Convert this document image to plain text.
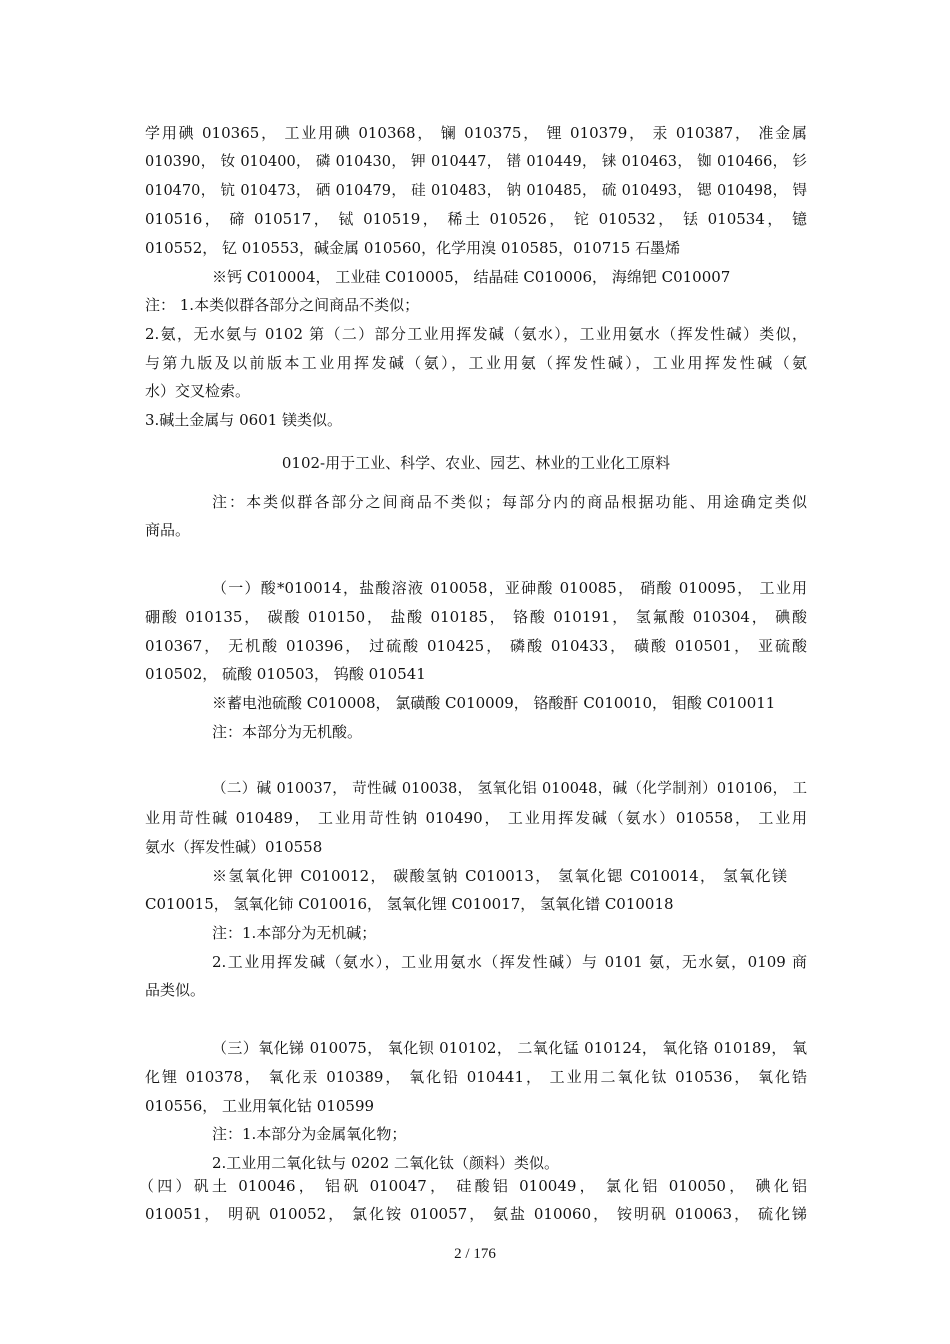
学用碘 010365， 工业用碘 010368， 镧 010375， 锂 010379， 汞 010387， 准金属
010390， 钕 010400， 磷 010430， 钾 010447， 镨 010449， 铼 010463， 铷 010466， 钐
010470， 钪 010473， 硒 010479， 硅 010483， 钠 010485， 硫 010493， 锶 010498， 锝
010516， 碲 010517， 铽 010519， 稀土 010526， 铊 010532， 铥 010534， 镱
010552， 钇 010553，碱金属 010560，化学用溴 010585，010715 石墨烯
※钙 C010004， 工业硅 C010005， 结晶硅 C010006， 海绵钯 C010007
注： 1.本类似群各部分之间商品不类似；
2.氨，无水氨与 0102 第（二）部分工业用挥发碱（氨水），工业用氨水（挥发性碱）类似，
与第九版及以前版本工业用挥发碱（氨），工业用氨（挥发性碱），工业用挥发性碱（氨
水）交叉检索。
3.碱土金属与 0601 镁类似。
0102-用于工业、科学、农业、园艺、林业的工业化工原料
注：本类似群各部分之间商品不类似；每部分内的商品根据功能、用途确定类似
商品。
（一）酸*010014，盐酸溶液 010058，亚砷酸 010085， 硝酸 010095， 工业用
硼酸 010135， 碳酸 010150， 盐酸 010185， 铬酸 010191， 氢氟酸 010304， 碘酸
010367， 无机酸 010396， 过硫酸 010425， 磷酸 010433， 磺酸 010501， 亚硫酸
010502， 硫酸 010503， 钨酸 010541
※蓄电池硫酸 C010008， 氯磺酸 C010009， 铬酸酐 C010010， 钼酸 C010011
注：本部分为无机酸。
（二）碱 010037， 苛性碱 010038， 氢氧化铝 010048，碱（化学制剂）010106， 工
业用苛性碱 010489， 工业用苛性钠 010490， 工业用挥发碱（氨水）010558， 工业用
氨水（挥发性碱）010558
※氢氧化钾 C010012， 碳酸氢钠 C010013， 氢氧化锶 C010014， 氢氧化镁
C010015， 氢氧化铈 C010016， 氢氧化锂 C010017， 氢氧化镨 C010018
注：1.本部分为无机碱；
2.工业用挥发碱（氨水），工业用氨水（挥发性碱）与 0101 氨，无水氨，0109 商
品类似。
（三）氧化锑 010075， 氧化钡 010102， 二氧化锰 010124， 氧化铬 010189， 氧
化锂 010378， 氧化汞 010389， 氧化铅 010441， 工业用二氧化钛 010536， 氧化锆
010556， 工业用氧化钴 010599
注：1.本部分为金属氧化物；
2.工业用二氧化钛与 0202 二氧化钛（颜料）类似。
（四）矾土 010046， 铝矾 010047， 硅酸铝 010049， 氯化铝 010050， 碘化铝
010051， 明矾 010052， 氯化铵 010057， 氨盐 010060， 铵明矾 010063， 硫化锑
2 / 176
